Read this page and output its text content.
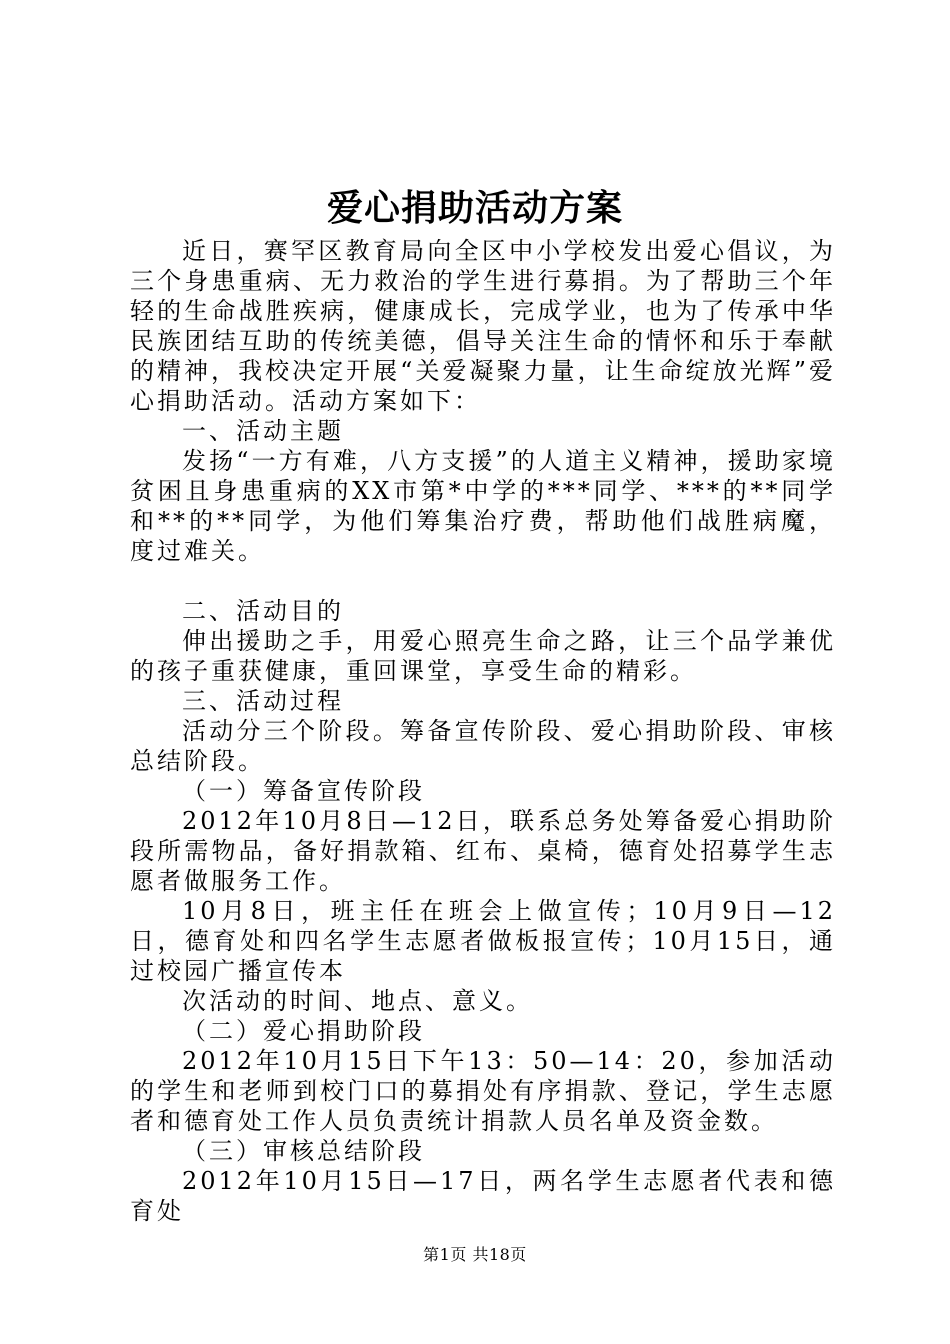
爱心捐助活动方案

近日，赛罕区教育局向全区中小学校发出爱心倡议，为三个身患重病、无力救治的学生进行募捐。为了帮助三个年轻的生命战胜疾病，健康成长，完成学业，也为了传承中华民族团结互助的传统美德，倡导关注生命的情怀和乐于奉献的精神，我校决定开展“关爱凝聚力量，让生命绽放光辉”爱心捐助活动。活动方案如下：

一、活动主题

发扬“一方有难，八方支援”的人道主义精神，援助家境贫困且身患重病的XX市第*中学的***同学、***的**同学和**的**同学，为他们筹集治疗费，帮助他们战胜病魔，度过难关。

二、活动目的

伸出援助之手，用爱心照亮生命之路，让三个品学兼优的孩子重获健康，重回课堂，享受生命的精彩。

三、活动过程

活动分三个阶段。筹备宣传阶段、爱心捐助阶段、审核总结阶段。

（一）筹备宣传阶段

2012年10月8日—12日，联系总务处筹备爱心捐助阶段所需物品，备好捐款箱、红布、桌椅，德育处招募学生志愿者做服务工作。

10月8日，班主任在班会上做宣传；10月9日—12日，德育处和四名学生志愿者做板报宣传；10月15日，通过校园广播宣传本

次活动的时间、地点、意义。

（二）爱心捐助阶段

2012年10月15日下午13：50—14：20，参加活动的学生和老师到校门口的募捐处有序捐款、登记，学生志愿者和德育处工作人员负责统计捐款人员名单及资金数。

（三）审核总结阶段

2012年10月15日—17日，两名学生志愿者代表和德育处

第1页 共18页
